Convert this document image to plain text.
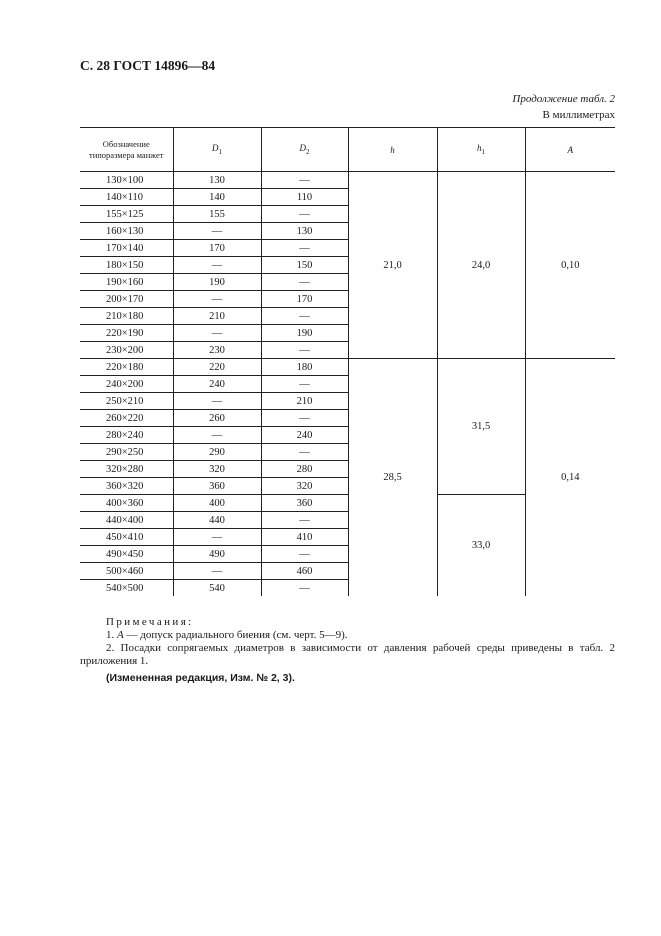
С. 28 ГОСТ 14896—84
Продолжение табл. 2
В миллиметрах
Обозначение типоразмера манжет	$D_1$	$D_2$	h	$h_1$	A
130×100	130	—	21,0	24,0	0,10
140×110	140	110			
155×125	155	—			
160×130	—	130			
170×140	170	—			
180×150	—	150			
190×160	190	—			
200×170	—	170			
210×180	210	—			
220×190	—	190			
230×200	230	—			
220×180	220	180	28,5	31,5	0,14
240×200	240	—			
250×210	—	210			
260×220	260	—			
280×240	—	240			
290×250	290	—			
320×280	320	280			
360×320	360	320			
400×360	400	360		33,0	
440×400	440	—			
450×410	—	410			
490×450	490	—			
500×460	—	460			
540×500	540	—			
Примечания:
1. A — допуск радиального биения (см. черт. 5—9).
2. Посадки сопрягаемых диаметров в зависимости от давления рабочей среды приведены в табл. 2 приложения 1.
(Измененная редакция, Изм. № 2, 3).
